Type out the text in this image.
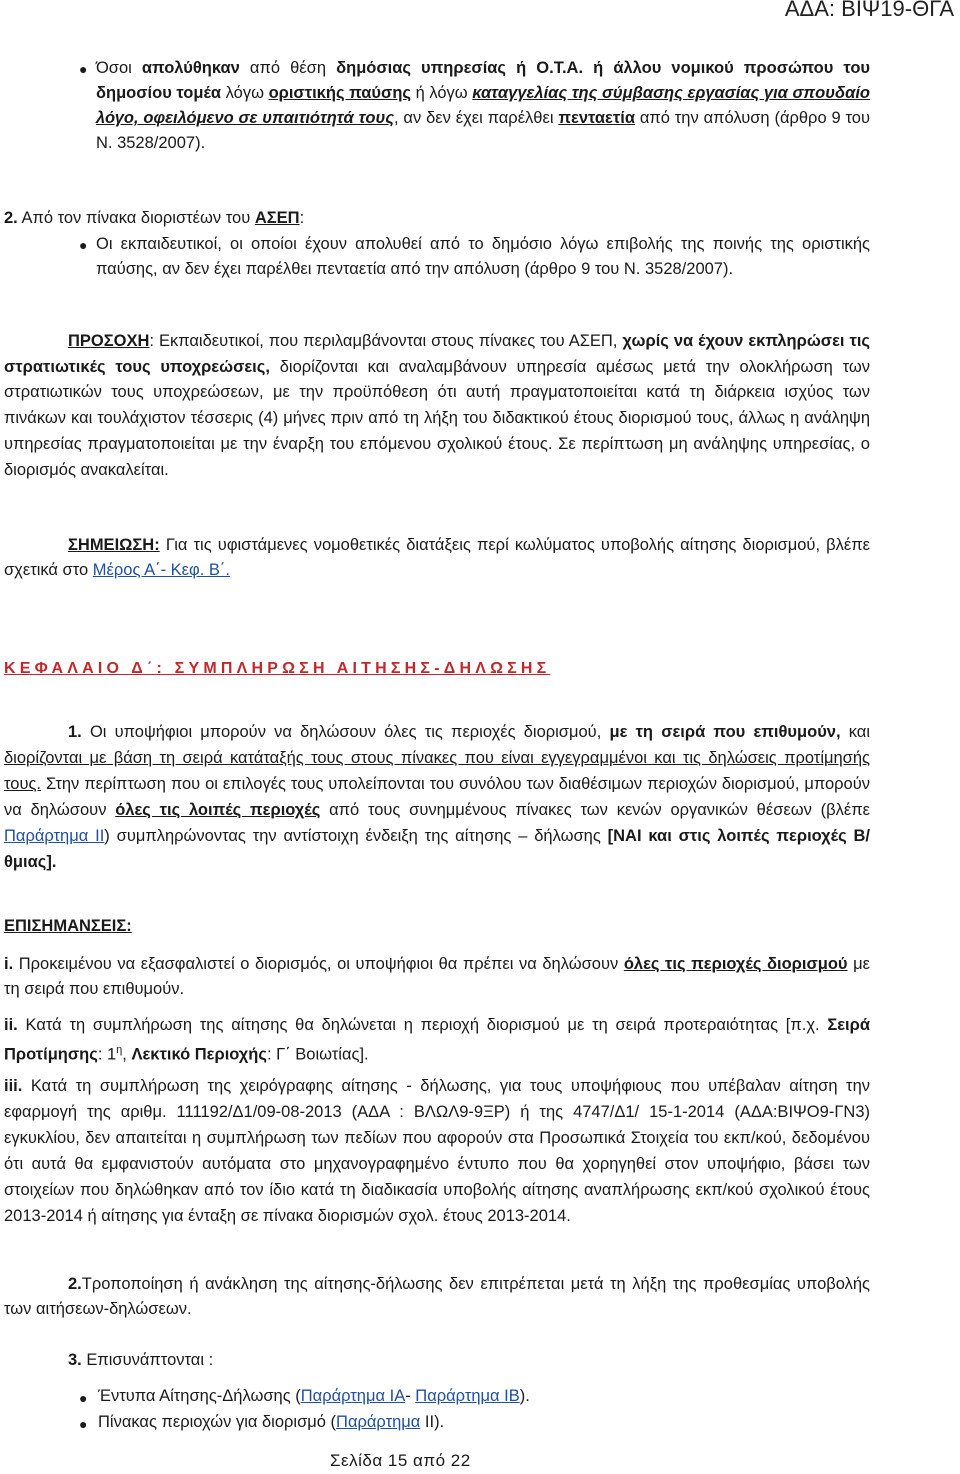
ΑΔΑ: ΒΙΨ19-ΘΓΑ
● Όσοι απολύθηκαν από θέση δημόσιας υπηρεσίας ή Ο.Τ.Α. ή άλλου νομικού προσώπου του δημοσίου τομέα λόγω οριστικής παύσης ή λόγω καταγγελίας της σύμβασης εργασίας για σπουδαίο λόγο, οφειλόμενο σε υπαιτιότητά τους, αν δεν έχει παρέλθει πενταετία από την απόλυση (άρθρο 9 του Ν. 3528/2007).

2. Από τον πίνακα διοριστέων του ΑΣΕΠ:

● Οι εκπαιδευτικοί, οι οποίοι έχουν απολυθεί από το δημόσιο λόγω επιβολής της ποινής της οριστικής παύσης, αν δεν έχει παρέλθει πενταετία από την απόλυση (άρθρο 9 του Ν. 3528/2007).

ΠΡΟΣΟΧΗ: Εκπαιδευτικοί, που περιλαμβάνονται στους πίνακες του ΑΣΕΠ, χωρίς να έχουν εκπληρώσει τις στρατιωτικές τους υποχρεώσεις, διορίζονται και αναλαμβάνουν υπηρεσία αμέσως μετά την ολοκλήρωση των στρατιωτικών τους υποχρεώσεων, με την προϋπόθεση ότι αυτή πραγματοποιείται κατά τη διάρκεια ισχύος των πινάκων και τουλάχιστον τέσσερις (4) μήνες πριν από τη λήξη του διδακτικού έτους διορισμού τους, άλλως η ανάληψη υπηρεσίας πραγματοποιείται με την έναρξη του επόμενου σχολικού έτους. Σε περίπτωση μη ανάληψης υπηρεσίας, ο διορισμός ανακαλείται.

ΣΗΜΕΙΩΣΗ: Για τις υφιστάμενες νομοθετικές διατάξεις περί κωλύματος υποβολής αίτησης διορισμού, βλέπε σχετικά στο Μέρος Α΄- Κεφ. Β΄.

ΚΕΦΑΛΑΙΟ Δ΄: ΣΥΜΠΛΗΡΩΣΗ ΑΙΤΗΣΗΣ-ΔΗΛΩΣΗΣ

1. Οι υποψήφιοι μπορούν να δηλώσουν όλες τις περιοχές διορισμού, με τη σειρά που επιθυμούν, και διορίζονται με βάση τη σειρά κατάταξής τους στους πίνακες που είναι εγγεγραμμένοι και τις δηλώσεις προτίμησής τους. Στην περίπτωση που οι επιλογές τους υπολείπονται του συνόλου των διαθέσιμων περιοχών διορισμού, μπορούν να δηλώσουν όλες τις λοιπές περιοχές από τους συνημμένους πίνακες των κενών οργανικών θέσεων (βλέπε Παράρτημα ΙΙ) συμπληρώνοντας την αντίστοιχη ένδειξη της αίτησης – δήλωσης [ΝΑΙ και στις λοιπές περιοχές Β/θμιας].

ΕΠΙΣΗΜΑΝΣΕΙΣ:

i. Προκειμένου να εξασφαλιστεί ο διορισμός, οι υποψήφιοι θα πρέπει να δηλώσουν όλες τις περιοχές διορισμού με τη σειρά που επιθυμούν.

ii. Κατά τη συμπλήρωση της αίτησης θα δηλώνεται η περιοχή διορισμού με τη σειρά προτεραιότητας [π.χ. Σειρά Προτίμησης: $1^\eta$, Λεκτικό Περιοχής: Γ΄ Βοιωτίας].

iii. Κατά τη συμπλήρωση της χειρόγραφης αίτησης - δήλωσης, για τους υποψήφιους που υπέβαλαν αίτηση την εφαρμογή της αριθμ. 111192/Δ1/09-08-2013 (ΑΔΑ : ΒΛΩΛ9-9ΞΡ) ή της 4747/Δ1/ 15-1-2014 (ΑΔΑ:ΒΙΨΟ9-ΓΝ3) εγκυκλίου, δεν απαιτείται η συμπλήρωση των πεδίων που αφορούν στα Προσωπικά Στοιχεία του εκπ/κού, δεδομένου ότι αυτά θα εμφανιστούν αυτόματα στο μηχανογραφημένο έντυπο που θα χορηγηθεί στον υποψήφιο, βάσει των στοιχείων που δηλώθηκαν από τον ίδιο κατά τη διαδικασία υποβολής αίτησης αναπλήρωσης εκπ/κού σχολικού έτους 2013-2014 ή αίτησης για ένταξη σε πίνακα διορισμών σχολ. έτους 2013-2014.

2.Τροποποίηση ή ανάκληση της αίτησης-δήλωσης δεν επιτρέπεται μετά τη λήξη της προθεσμίας υποβολής των αιτήσεων-δηλώσεων.

3. Επισυνάπτονται :

● Έντυπα Αίτησης-Δήλωσης (Παράρτημα ΙΑ- Παράρτημα ΙΒ).
● Πίνακας περιοχών για διορισμό (Παράρτημα ΙΙ).
Σελίδα 15 από 22
